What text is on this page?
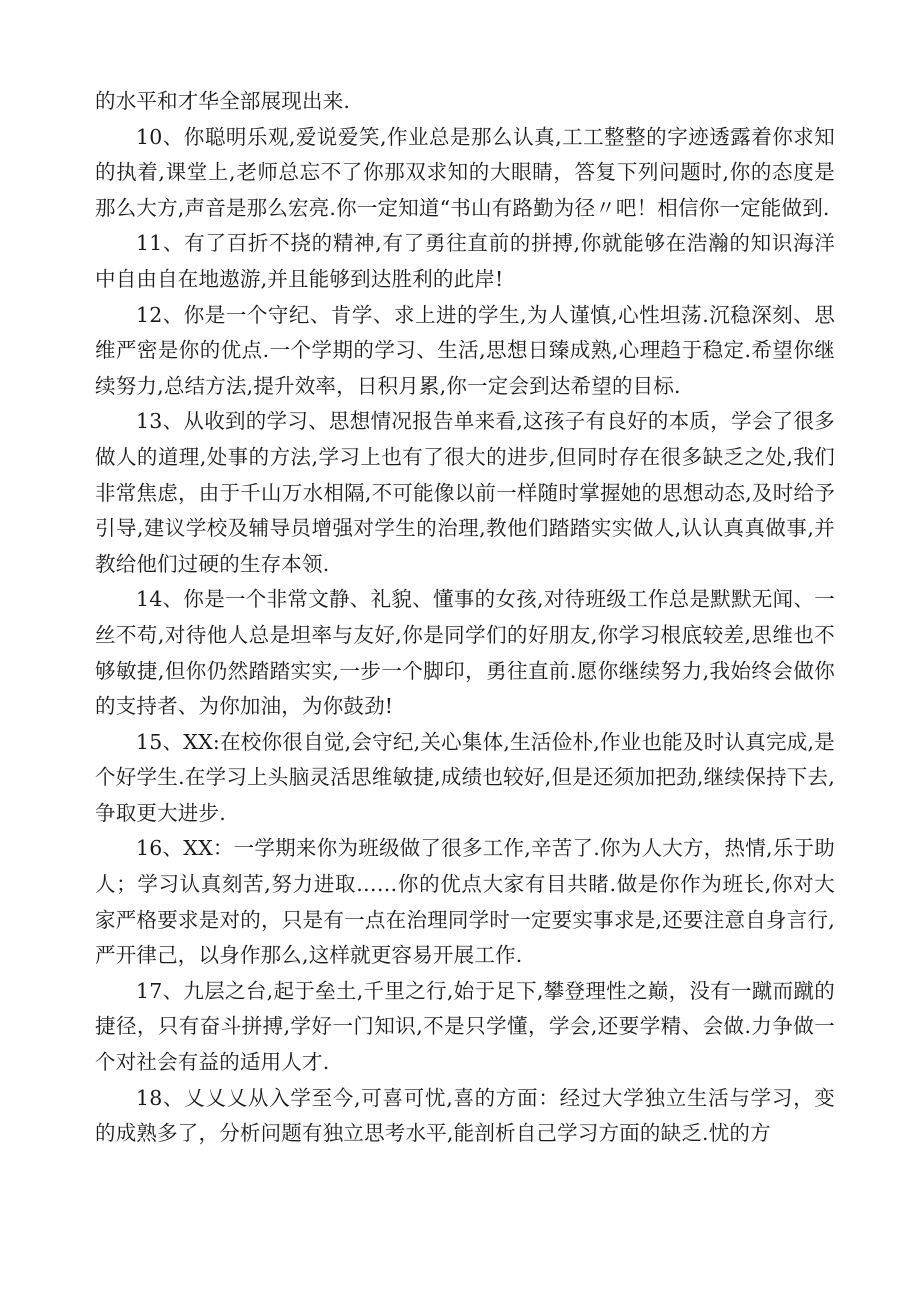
的水平和才华全部展现出来.

10、你聪明乐观,爱说爱笑,作业总是那么认真,工工整整的字迹透露着你求知的执着,课堂上,老师总忘不了你那双求知的大眼睛，答复下列问题时,你的态度是那么大方,声音是那么宏亮.你一定知道“书山有路勤为径〃吧！相信你一定能做到.

11、有了百折不挠的精神,有了勇往直前的拼搏,你就能够在浩瀚的知识海洋中自由自在地遨游,并且能够到达胜利的此岸!

12、你是一个守纪、肯学、求上进的学生,为人谨慎,心性坦荡.沉稳深刻、思维严密是你的优点.一个学期的学习、生活,思想日臻成熟,心理趋于稳定.希望你继续努力,总结方法,提升效率，日积月累,你一定会到达希望的目标.

13、从收到的学习、思想情况报告单来看,这孩子有良好的本质，学会了很多做人的道理,处事的方法,学习上也有了很大的进步,但同时存在很多缺乏之处,我们非常焦虑，由于千山万水相隔,不可能像以前一样随时掌握她的思想动态,及时给予引导,建议学校及辅导员增强对学生的治理,教他们踏踏实实做人,认认真真做事,并教给他们过硬的生存本领.

14、你是一个非常文静、礼貌、懂事的女孩,对待班级工作总是默默无闻、一丝不苟,对待他人总是坦率与友好,你是同学们的好朋友,你学习根底较差,思维也不够敏捷,但你仍然踏踏实实,一步一个脚印，勇往直前.愿你继续努力,我始终会做你的支持者、为你加油，为你鼓劲!

15、XX:在校你很自觉,会守纪,关心集体,生活俭朴,作业也能及时认真完成,是个好学生.在学习上头脑灵活思维敏捷,成绩也较好,但是还须加把劲,继续保持下去,争取更大进步.

16、XX：一学期来你为班级做了很多工作,辛苦了.你为人大方，热情,乐于助人；学习认真刻苦,努力进取……你的优点大家有目共睹.做是你作为班长,你对大家严格要求是对的，只是有一点在治理同学时一定要实事求是,还要注意自身言行,严开律己，以身作那么,这样就更容易开展工作.

17、九层之台,起于垒土,千里之行,始于足下,攀登理性之巅，没有一蹴而蹴的捷径，只有奋斗拼搏,学好一门知识,不是只学懂，学会,还要学精、会做.力争做一个对社会有益的适用人才.

18、乂乂乂从入学至今,可喜可忧,喜的方面：经过大学独立生活与学习，变的成熟多了，分析问题有独立思考水平,能剖析自己学习方面的缺乏.忧的方
